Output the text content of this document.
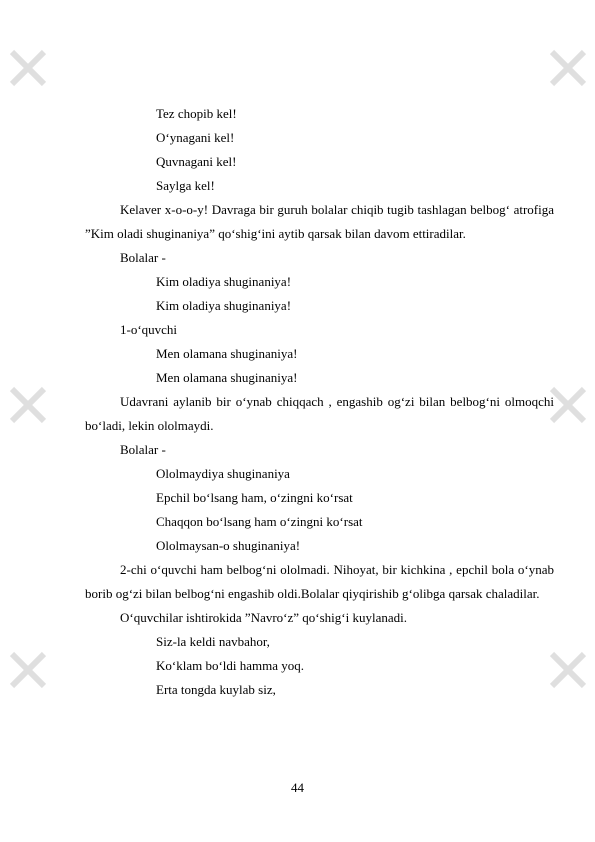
Tez chopib kel!
O‘ynagani kel!
Quvnagani kel!
Saylga kel!
Kelaver x-o-o-y! Davraga bir guruh bolalar chiqib tugib tashlagan belbog‘ atrofiga ”Kim oladi shuginaniya” qo‘shig‘ini aytib qarsak bilan davom ettiradilar.
Bolalar -
Kim oladiya shuginaniya!
Kim oladiya shuginaniya!
1-o‘quvchi
Men olamana shuginaniya!
Men olamana shuginaniya!
Udavrani aylanib bir o‘ynab chiqqach , engashib og‘zi bilan belbog‘ni olmoqchi bo‘ladi, lekin ololmaydi.
Bolalar -
Ololmaydiya shuginaniya
Epchil bo‘lsang ham, o‘zingni ko‘rsat
Chaqqon bo‘lsang ham o‘zingni ko‘rsat
Ololmaysan-o shuginaniya!
2-chi o‘quvchi ham belbog‘ni ololmadi. Nihoyat, bir kichkina , epchil bola o‘ynab borib og‘zi bilan belbog‘ni engashib oldi.Bolalar qiyqirishib g‘olibga qarsak chaladilar.
O‘quvchilar ishtirokida ”Navro‘z” qo‘shig‘i kuylanadi.
Siz-la keldi navbahor,
Ko‘klam bo‘ldi hamma yoq.
Erta tongda kuylab siz,
44
